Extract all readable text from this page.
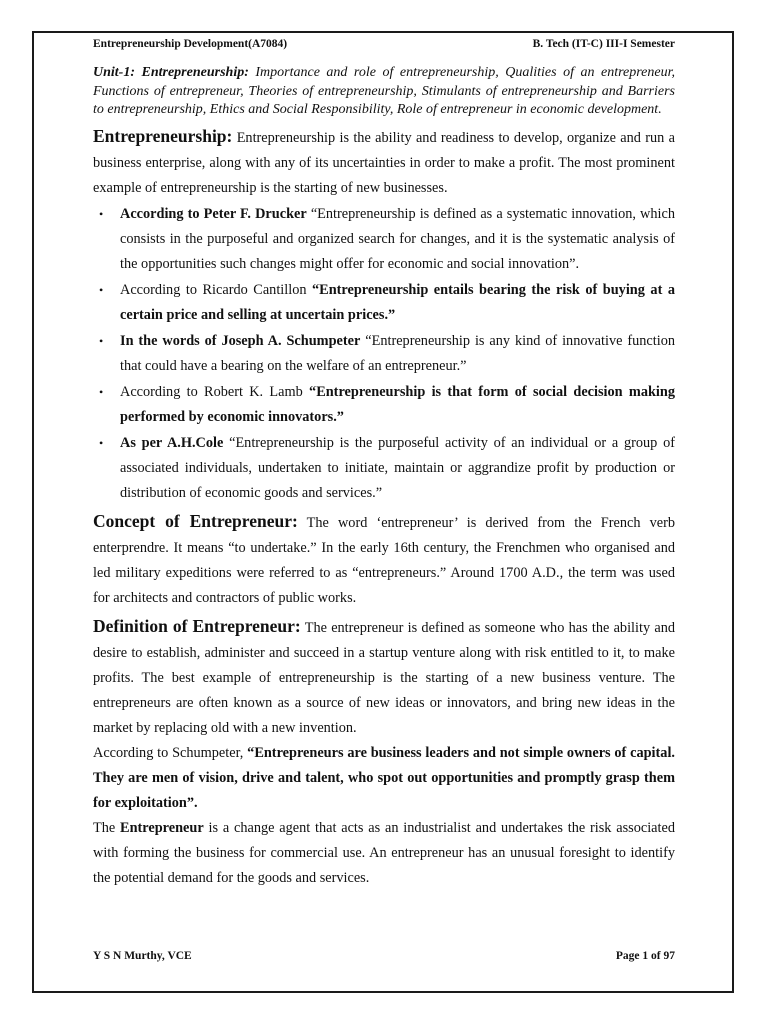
Entrepreneurship Development(A7084)	B. Tech (IT-C) III-I Semester
Unit-1: Entrepreneurship: Importance and role of entrepreneurship, Qualities of an entrepreneur, Functions of entrepreneur, Theories of entrepreneurship, Stimulants of entrepreneurship and Barriers to entrepreneurship, Ethics and Social Responsibility, Role of entrepreneur in economic development.

Entrepreneurship: Entrepreneurship is the ability and readiness to develop, organize and run a business enterprise, along with any of its uncertainties in order to make a profit. The most prominent example of entrepreneurship is the starting of new businesses.

• According to Peter F. Drucker “Entrepreneurship is defined as a systematic innovation, which consists in the purposeful and organized search for changes, and it is the systematic analysis of the opportunities such changes might offer for economic and social innovation”.
• According to Ricardo Cantillon “Entrepreneurship entails bearing the risk of buying at a certain price and selling at uncertain prices.”
• In the words of Joseph A. Schumpeter “Entrepreneurship is any kind of innovative function that could have a bearing on the welfare of an entrepreneur.”
• According to Robert K. Lamb “Entrepreneurship is that form of social decision making performed by economic innovators.”
• As per A.H.Cole “Entrepreneurship is the purposeful activity of an individual or a group of associated individuals, undertaken to initiate, maintain or aggrandize profit by production or distribution of economic goods and services.”

Concept of Entrepreneur: The word ‘entrepreneur’ is derived from the French verb enterprendre. It means “to undertake.” In the early 16th century, the Frenchmen who organised and led military expeditions were referred to as “entrepreneurs.” Around 1700 A.D., the term was used for architects and contractors of public works.

Definition of Entrepreneur: The entrepreneur is defined as someone who has the ability and desire to establish, administer and succeed in a startup venture along with risk entitled to it, to make profits. The best example of entrepreneurship is the starting of a new business venture. The entrepreneurs are often known as a source of new ideas or innovators, and bring new ideas in the market by replacing old with a new invention.

According to Schumpeter, “Entrepreneurs are business leaders and not simple owners of capital. They are men of vision, drive and talent, who spot out opportunities and promptly grasp them for exploitation”.

The Entrepreneur is a change agent that acts as an industrialist and undertakes the risk associated with forming the business for commercial use. An entrepreneur has an unusual foresight to identify the potential demand for the goods and services.

Y S N Murthy, VCE	Page 1 of 97
